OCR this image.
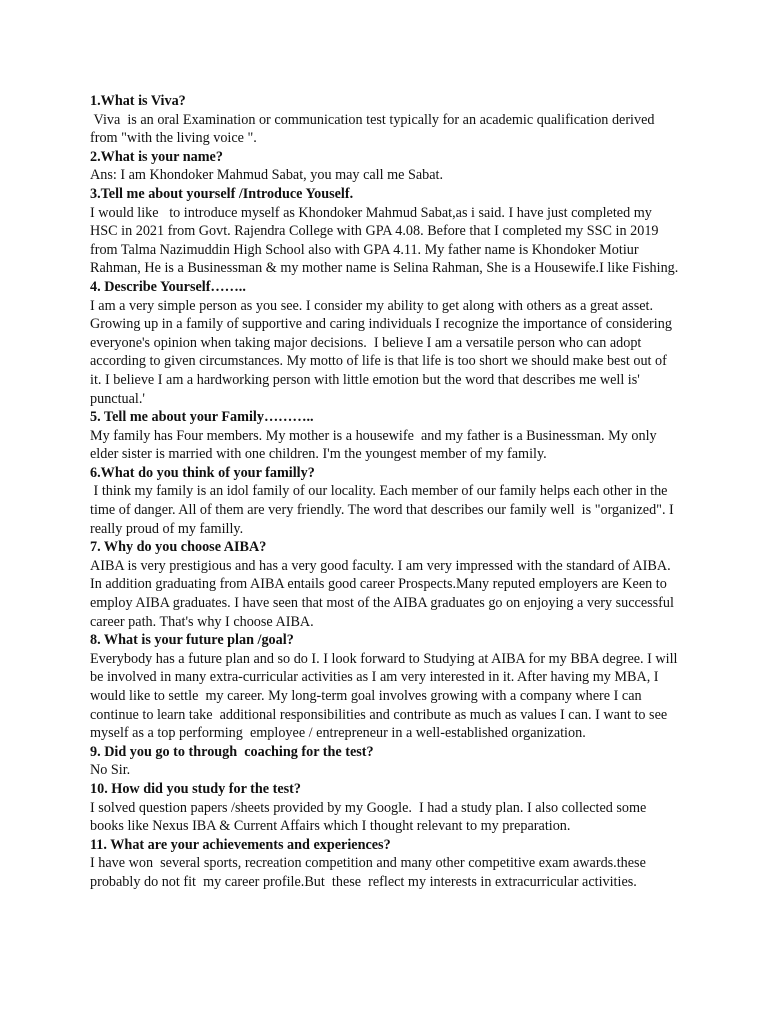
1.What is Viva?

Viva  is an oral Examination or communication test typically for an academic qualification derived from "with the living voice ".

2.What is your name?

Ans: I am Khondoker Mahmud Sabat, you may call me Sabat.

3.Tell me about yourself /Introduce Youself.

I would like   to introduce myself as Khondoker Mahmud Sabat,as i said. I have just completed my HSC in 2021 from Govt. Rajendra College with GPA 4.08. Before that I completed my SSC in 2019 from Talma Nazimuddin High School also with GPA 4.11. My father name is Khondoker Motiur Rahman, He is a Businessman & my mother name is Selina Rahman, She is a Housewife.I like Fishing.

4. Describe Yourself……..

I am a very simple person as you see. I consider my ability to get along with others as a great asset. Growing up in a family of supportive and caring individuals I recognize the importance of considering everyone's opinion when taking major decisions.  I believe I am a versatile person who can adopt according to given circumstances. My motto of life is that life is too short we should make best out of it. I believe I am a hardworking person with little emotion but the word that describes me well is' punctual.'

5. Tell me about your Family………..

My family has Four members. My mother is a housewife  and my father is a Businessman. My only elder sister is married with one children. I'm the youngest member of my family.

6.What do you think of your familly?

I think my family is an idol family of our locality. Each member of our family helps each other in the time of danger. All of them are very friendly. The word that describes our family well  is "organized". I really proud of my familly.

7. Why do you choose AIBA?

AIBA is very prestigious and has a very good faculty. I am very impressed with the standard of AIBA.  In addition graduating from AIBA entails good career Prospects.Many reputed employers are Keen to employ AIBA graduates. I have seen that most of the AIBA graduates go on enjoying a very successful career path. That's why I choose AIBA.

8. What is your future plan /goal?

Everybody has a future plan and so do I. I look forward to Studying at AIBA for my BBA degree. I will be involved in many extra-curricular activities as I am very interested in it. After having my MBA, I would like to settle  my career. My long-term goal involves growing with a company where I can continue to learn take  additional responsibilities and contribute as much as values I can. I want to see myself as a top performing  employee / entrepreneur in a well-established organization.

9. Did you go to through  coaching for the test?

No Sir.

10. How did you study for the test?

I solved question papers /sheets provided by my Google.  I had a study plan. I also collected some books like Nexus IBA & Current Affairs which I thought relevant to my preparation.

11. What are your achievements and experiences?

I have won  several sports, recreation competition and many other competitive exam awards.these probably do not fit  my career profile.But  these  reflect my interests in extracurricular activities.
